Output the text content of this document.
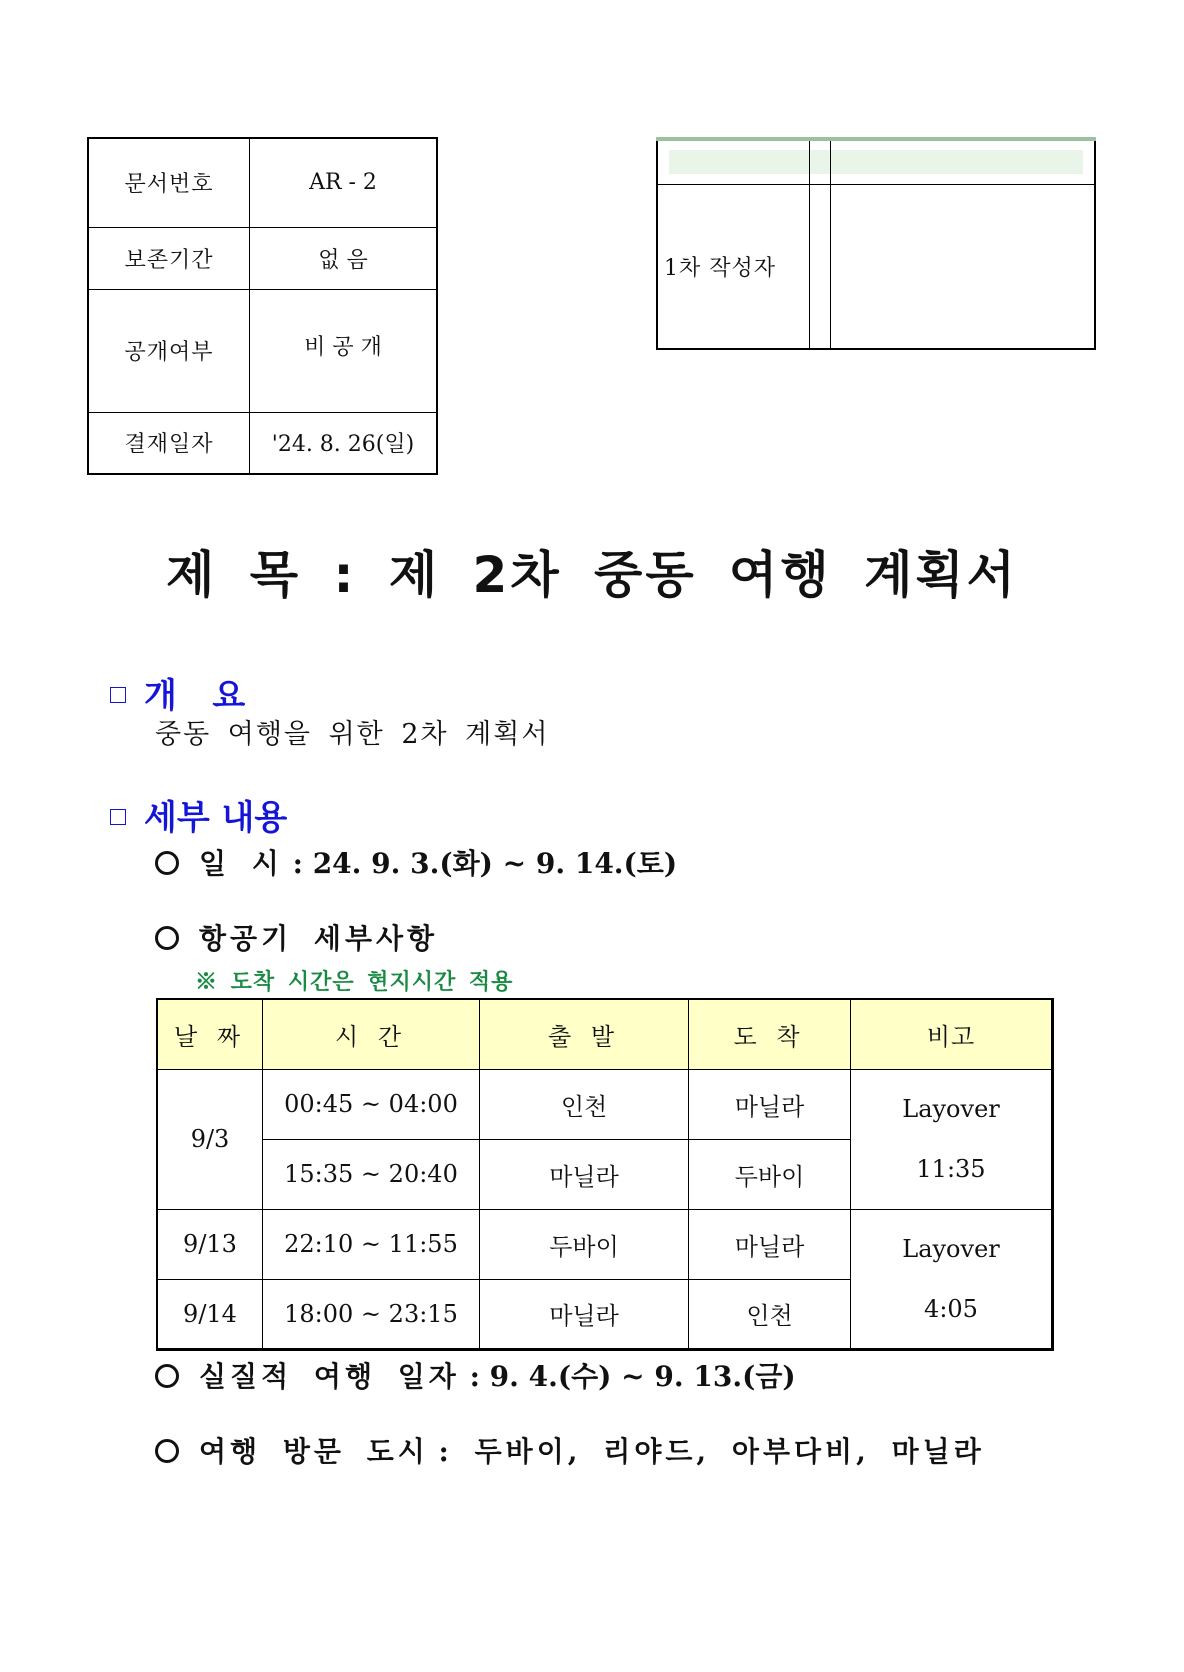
문서번호	AR - 2
보존기간	없 음
공개여부	비 공 개
결재일자	'24. 8. 26(일)

1차 작성자		
제 목 : 제 2차 중동 여행 계획서
개   요
중동 여행을 위한 2차 계획서
세부 내용
일 시 : 24. 9. 3.(화) ~ 9. 14.(토)
항공기 세부사항
※ 도착 시간은 현지시간 적용
날 짜	시 간	출 발	도 착	비고
9/3	00:45 ~ 04:00	인천	마닐라	Layover
11:35

	15:35 ~ 20:40	마닐라	두바이	
9/13	22:10 ~ 11:55	두바이	마닐라	Layover
4:05

9/14	18:00 ~ 23:15	마닐라	인천	
실질적 여행 일자 : 9. 4.(수) ~ 9. 13.(금)
여행 방문 도시 : 두바이, 리야드, 아부다비, 마닐라
